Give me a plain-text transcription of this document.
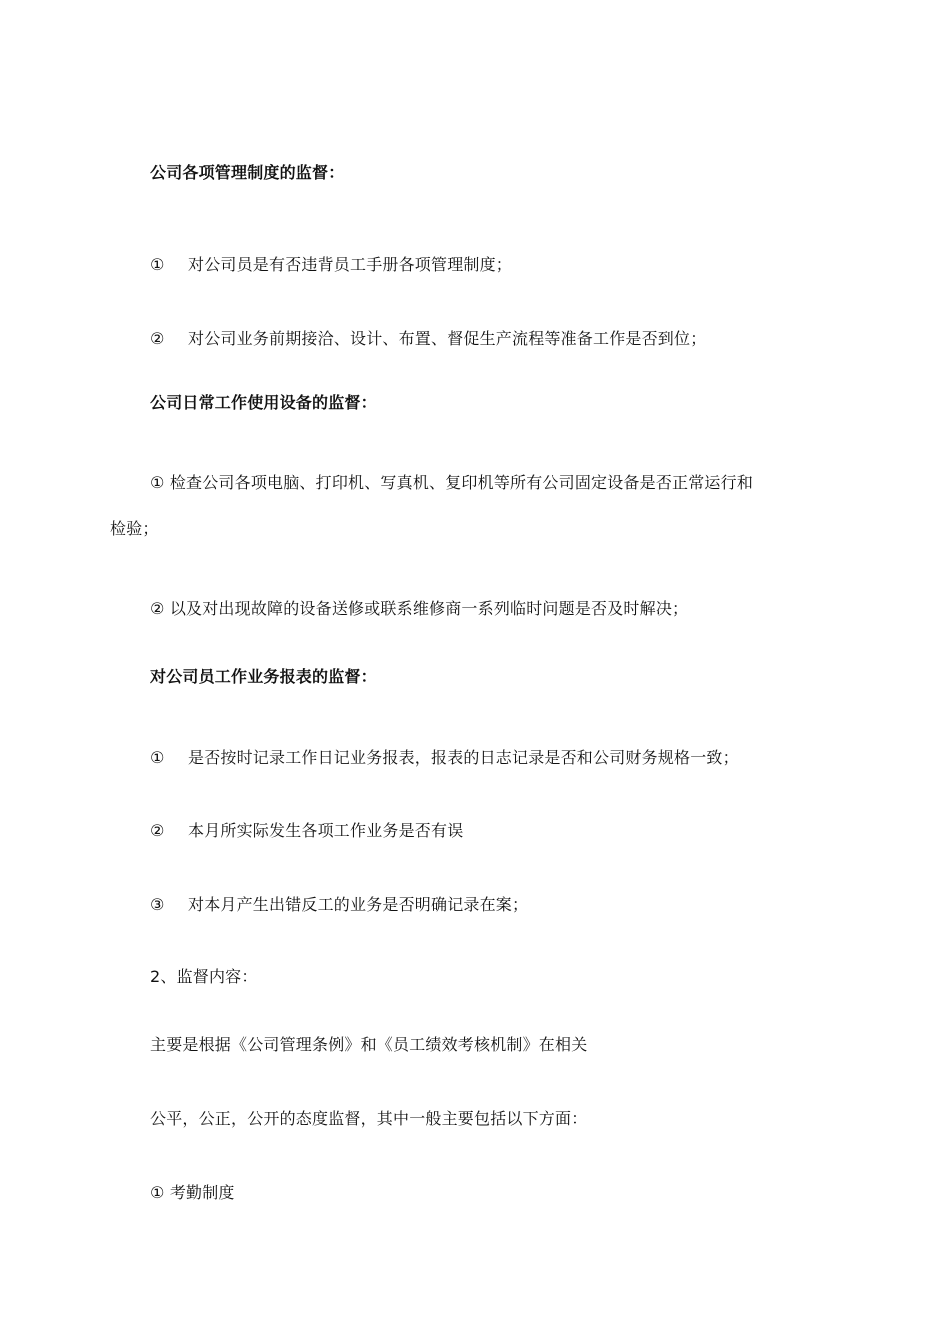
公司各项管理制度的监督：
① 对公司员是有否违背员工手册各项管理制度；
② 对公司业务前期接洽、设计、布置、督促生产流程等准备工作是否到位；
公司日常工作使用设备的监督：
① 检查公司各项电脑、打印机、写真机、复印机等所有公司固定设备是否正常运行和
检验；
② 以及对出现故障的设备送修或联系维修商一系列临时问题是否及时解决；
对公司员工作业务报表的监督：
① 是否按时记录工作日记业务报表，报表的日志记录是否和公司财务规格一致；
② 本月所实际发生各项工作业务是否有误
③ 对本月产生出错反工的业务是否明确记录在案；
2、监督内容：
主要是根据《公司管理条例》和《员工绩效考核机制》在相关
公平，公正，公开的态度监督，其中一般主要包括以下方面：
① 考勤制度
